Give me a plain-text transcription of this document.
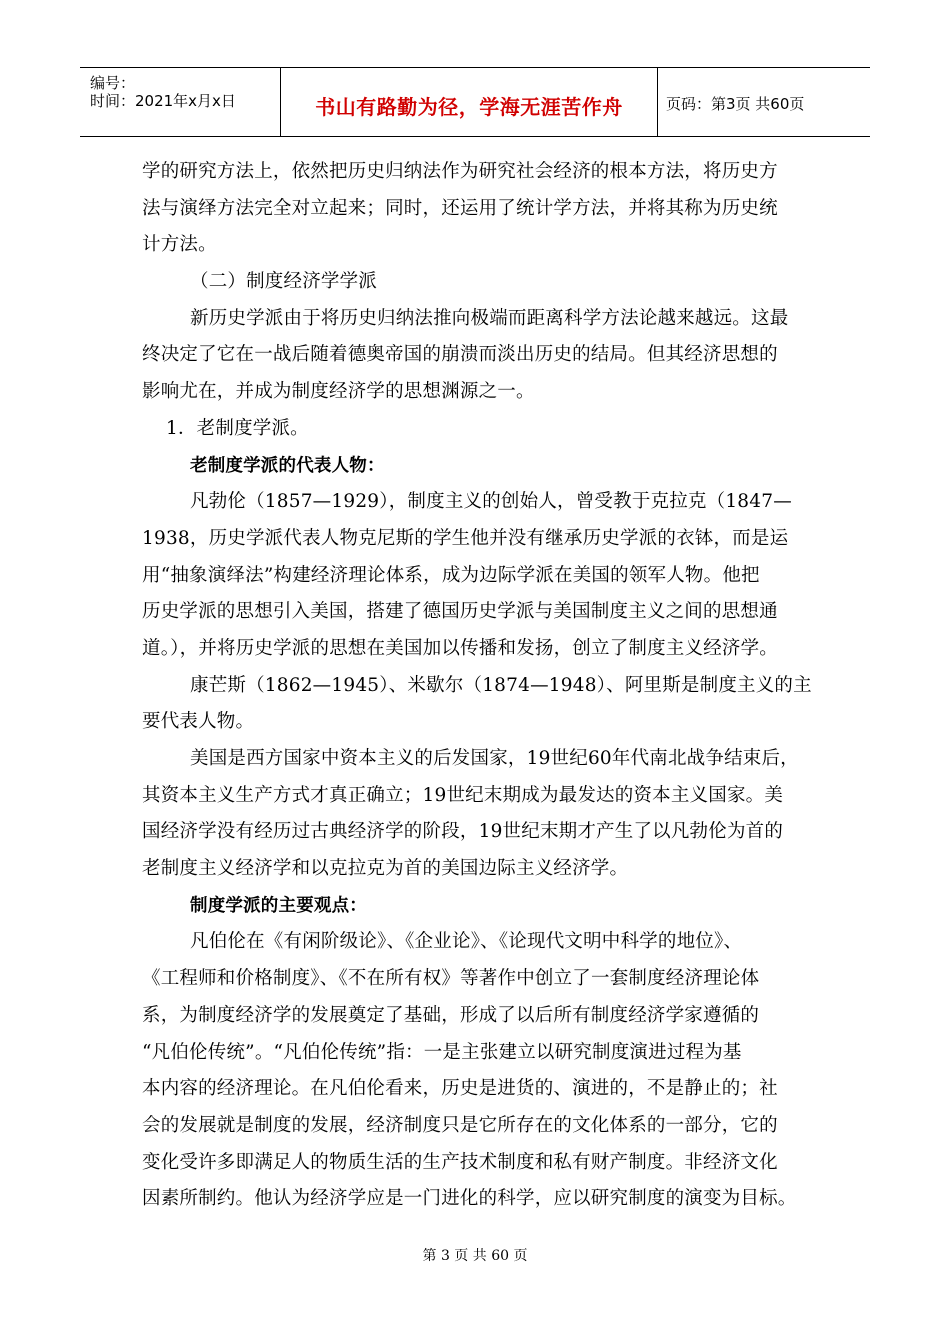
编号：
时间：2021年x月x日	书山有路勤为径，学海无涯苦作舟	页码：第3页 共60页
学的研究方法上，依然把历史归纳法作为研究社会经济的根本方法，将历史方
法与演绎方法完全对立起来；同时，还运用了统计学方法，并将其称为历史统
计方法。
（二）制度经济学学派
新历史学派由于将历史归纳法推向极端而距离科学方法论越来越远。这最
终决定了它在一战后随着德奥帝国的崩溃而淡出历史的结局。但其经济思想的
影响尤在，并成为制度经济学的思想渊源之一。
1．老制度学派。
老制度学派的代表人物：
凡勃伦（1857—1929），制度主义的创始人，曾受教于克拉克（1847—
1938，历史学派代表人物克尼斯的学生他并没有继承历史学派的衣钵，而是运
用“抽象演绎法”构建经济理论体系，成为边际学派在美国的领军人物。他把
历史学派的思想引入美国，搭建了德国历史学派与美国制度主义之间的思想通
道。），并将历史学派的思想在美国加以传播和发扬，创立了制度主义经济学。
康芒斯（1862—1945）、米歇尔（1874—1948）、阿里斯是制度主义的主
要代表人物。
美国是西方国家中资本主义的后发国家，19世纪60年代南北战争结束后，
其资本主义生产方式才真正确立；19世纪末期成为最发达的资本主义国家。美
国经济学没有经历过古典经济学的阶段，19世纪末期才产生了以凡勃伦为首的
老制度主义经济学和以克拉克为首的美国边际主义经济学。
制度学派的主要观点：
凡伯伦在《有闲阶级论》、《企业论》、《论现代文明中科学的地位》、
《工程师和价格制度》、《不在所有权》等著作中创立了一套制度经济理论体
系，为制度经济学的发展奠定了基础，形成了以后所有制度经济学家遵循的
“凡伯伦传统”。“凡伯伦传统”指：一是主张建立以研究制度演进过程为基
本内容的经济理论。在凡伯伦看来，历史是进货的、演进的，不是静止的；社
会的发展就是制度的发展，经济制度只是它所存在的文化体系的一部分，它的
变化受许多即满足人的物质生活的生产技术制度和私有财产制度。非经济文化
因素所制约。他认为经济学应是一门进化的科学，应以研究制度的演变为目标。
第 3 页 共 60 页
